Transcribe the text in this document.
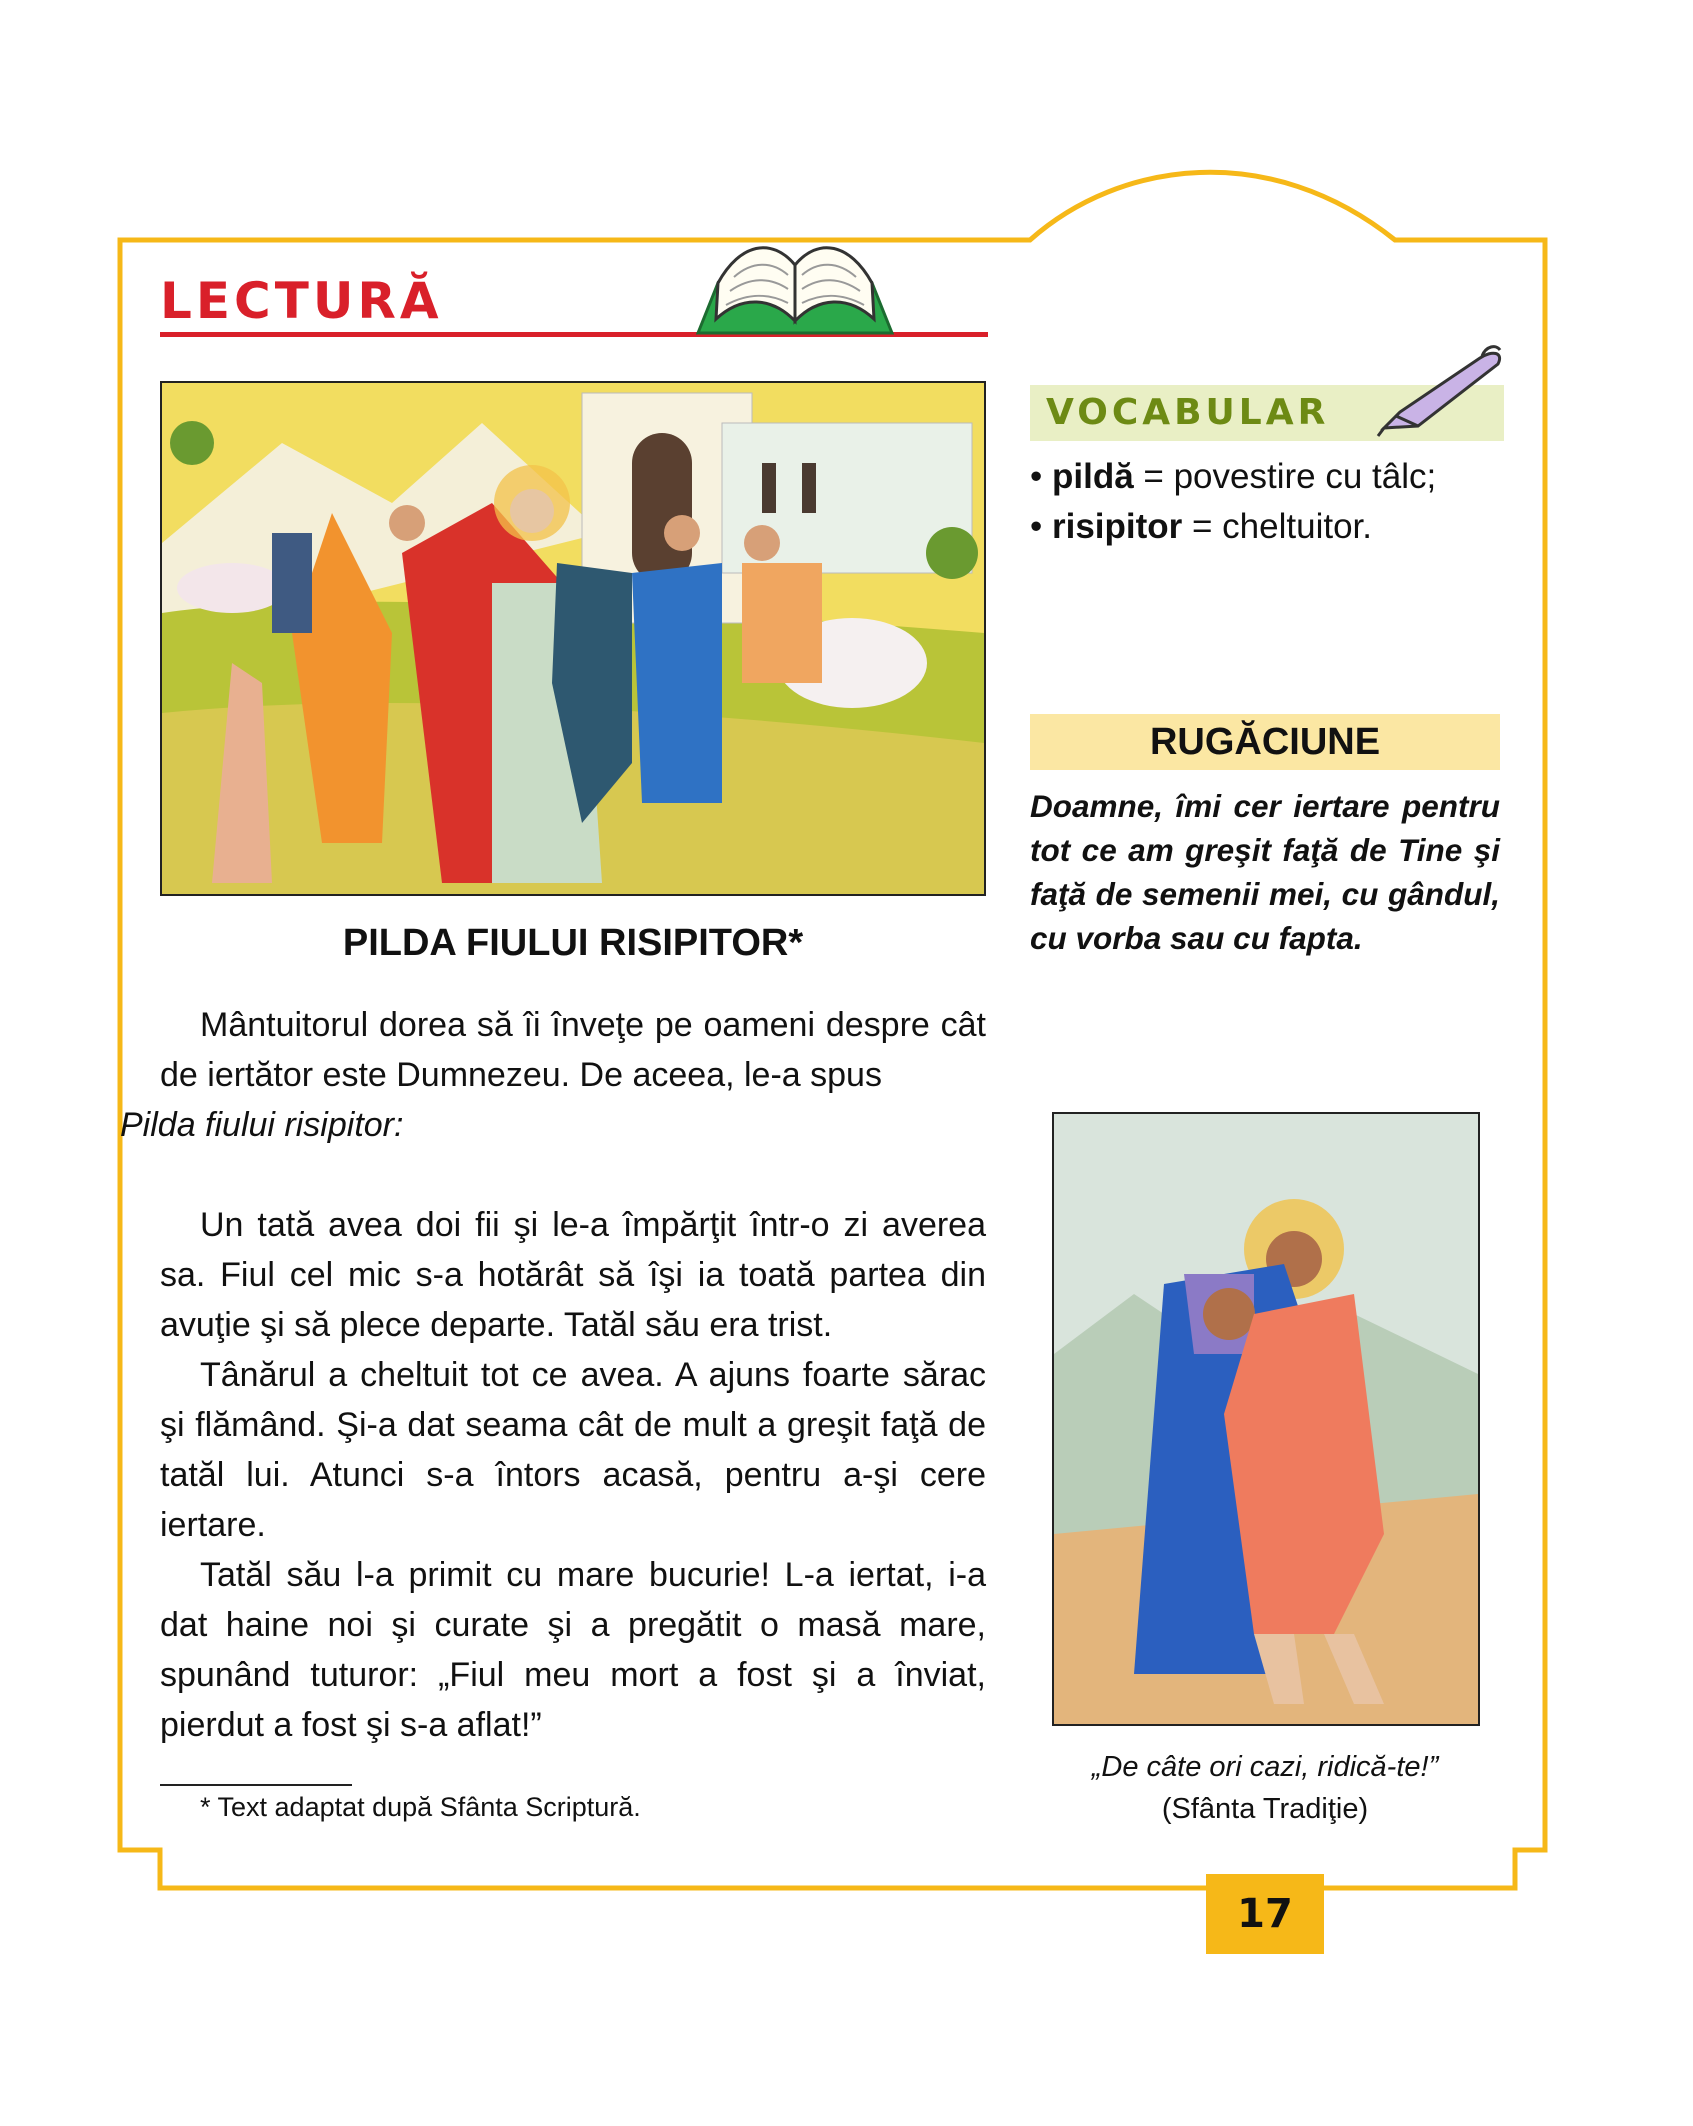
LECTURĂ
PILDA FIULUI RISIPITOR*

Mântuitorul dorea să îi înveţe pe oameni despre cât de iertător este Dumnezeu. De aceea, le-a spus
Pilda fiului risipitor:

Un tată avea doi fii şi le-a împărţit într-o zi averea sa. Fiul cel mic s-a hotărât să îşi ia toată partea din avuţie şi să plece departe. Tatăl său era trist.

Tânărul a cheltuit tot ce avea. A ajuns foarte sărac şi flămând. Şi-a dat seama cât de mult a greşit faţă de tatăl lui. Atunci s-a întors acasă, pentru a-şi cere iertare.

Tatăl său l-a primit cu mare bucurie! L-a iertat, i-a dat haine noi şi curate şi a pregătit o masă mare, spunând tuturor: „Fiul meu mort a fost şi a înviat, pierdut a fost şi s-a aflat!”

* Text adaptat după Sfânta Scriptură.
VOCABULAR
• pildă = povestire cu tâlc;
• risipitor = cheltuitor.
RUGĂCIUNE
Doamne, îmi cer iertare pentru tot ce am greşit faţă de Tine şi faţă de semenii mei, cu gândul, cu vorba sau cu fapta.
„De câte ori cazi, ridică-te!”
(Sfânta Tradiţie)
17
